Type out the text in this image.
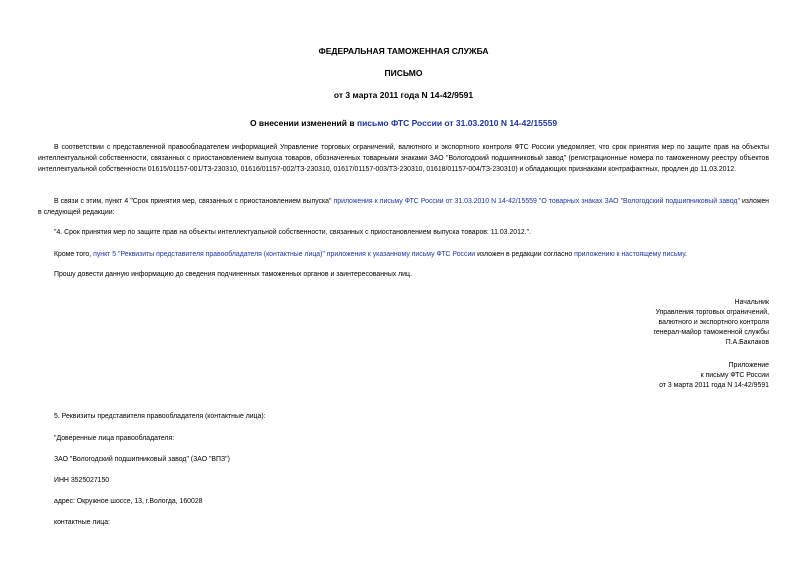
ФЕДЕРАЛЬНАЯ ТАМОЖЕННАЯ СЛУЖБА
ПИСЬМО
от 3 марта 2011 года N 14-42/9591
О внесении изменений в письмо ФТС России от 31.03.2010 N 14-42/15559
В соответствии с представленной правообладателем информацией Управление торговых ограничений, валютного и экспортного контроля ФТС России уведомляет, что срок принятия мер по защите прав на объекты интеллектуальной собственности, связанных с приостановлением выпуска товаров, обозначенных товарными знаками ЗАО "Вологодский подшипниковый завод" (регистрационные номера по таможенному реестру объектов интеллектуальной собственности 01615/01157-001/ТЗ-230310, 01616/01157-002/ТЗ-230310, 01617/01157-003/ТЗ-230310, 01618/01157-004/ТЗ-230310) и обладающих признаками контрафактных, продлен до 11.03.2012.
В связи с этим, пункт 4 "Срок принятия мер, связанных с приостановлением выпуска" приложения к письму ФТС России от 31.03.2010 N 14-42/15559 "О товарных знаках ЗАО "Вологодский подшипниковый завод" изложен в следующей редакции:
"4. Срок принятия мер по защите прав на объекты интеллектуальной собственности, связанных с приостановлением выпуска товаров: 11.03.2012.".
Кроме того, пункт 5 "Реквизиты представителя правообладателя (контактные лица)" приложения к указанному письму ФТС России изложен в редакции согласно приложению к настоящему письму.
Прошу довести данную информацию до сведения подчиненных таможенных органов и заинтересованных лиц.
Начальник
Управления торговых ограничений,
валютного и экспортного контроля
генерал-майор таможенной службы
П.А.Баклаков
Приложение
к письму ФТС России
от 3 марта 2011 года N 14-42/9591
5. Реквизиты представителя правообладателя (контактные лица):
"Доверенные лица правообладателя:
ЗАО "Вологодский подшипниковый завод" (ЗАО "ВПЗ")
ИНН 3525027150
адрес: Окружное шоссе, 13, г.Вологда, 160028
контактные лица:
